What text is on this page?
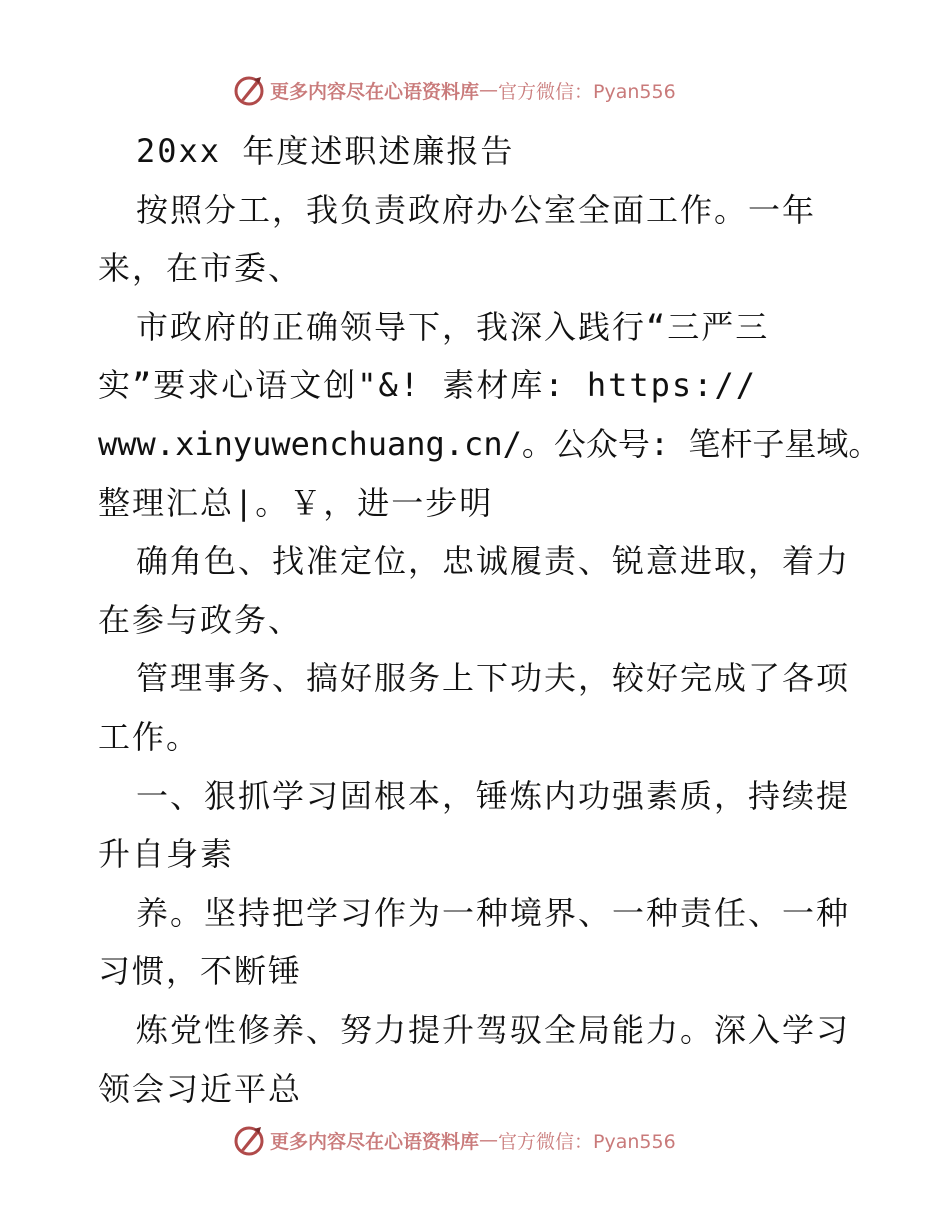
更多内容尽在心语资料库 — 官方微信：Pyan556
20xx 年度述职述廉报告
按照分工，我负责政府办公室全面工作。一年
来，在市委、
市政府的正确领导下，我深入践行“三严三
实”要求心语文创"&! 素材库: https://
www.xinyuwenchuang.cn/。公众号: 笔杆子星域。
整理汇总|。￥，进一步明
确角色、找准定位，忠诚履责、锐意进取，着力
在参与政务、
管理事务、搞好服务上下功夫，较好完成了各项
工作。
一、狠抓学习固根本，锤炼内功强素质，持续提
升自身素
养。坚持把学习作为一种境界、一种责任、一种
习惯，不断锤
炼党性修养、努力提升驾驭全局能力。深入学习
领会习近平总
更多内容尽在心语资料库 — 官方微信：Pyan556
